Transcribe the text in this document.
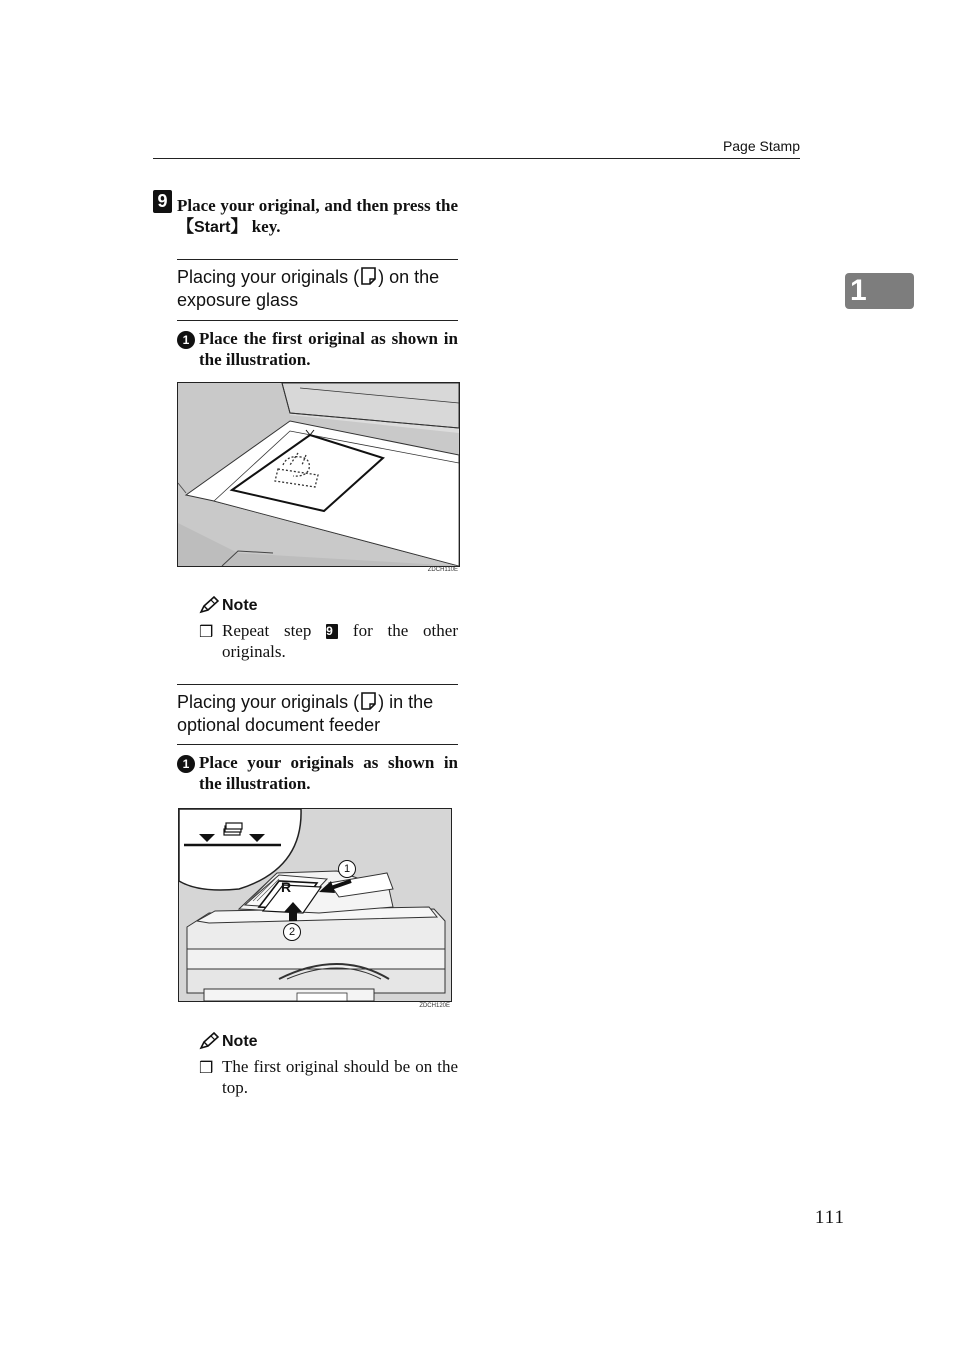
Page Stamp
1
9 Place your original, and then press the 【Start】 key.
Placing your originals ( ) on the exposure glass
1 Place the first original as shown in the illustration.
ZDCH110E
Note
❒ Repeat step 9 for the other originals.
Placing your originals ( ) in the optional document feeder
1 Place your originals as shown in the illustration.
R
1
2
ZDCH120E
Note
❒ The first original should be on the top.
111
